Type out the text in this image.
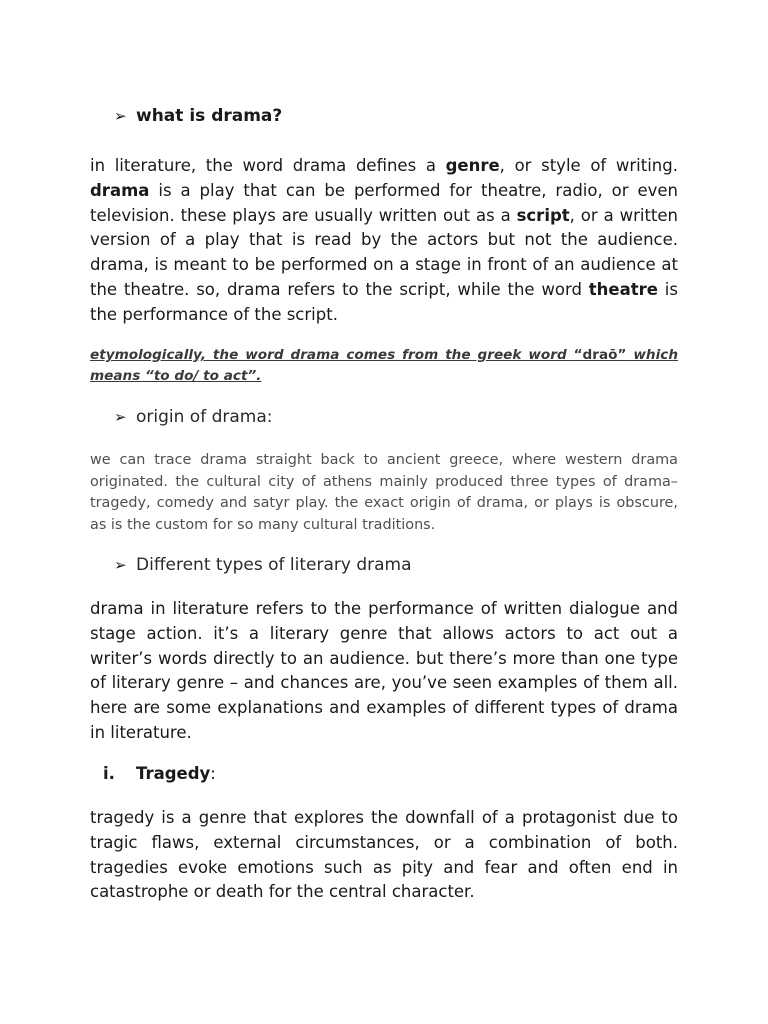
➢ what is drama?
in literature, the word drama defines a genre, or style of writing. drama is a play that can be performed for theatre, radio, or even television. these plays are usually written out as a script, or a written version of a play that is read by the actors but not the audience. drama, is meant to be performed on a stage in front of an audience at the theatre. so, drama refers to the script, while the word theatre is the performance of the script.
etymologically, the word drama comes from the greek word “draō” which means “to do/ to act”.
➢ origin of drama:
we can trace drama straight back to ancient greece, where western drama originated. the cultural city of athens mainly produced three types of drama–tragedy, comedy and satyr play. the exact origin of drama, or plays is obscure, as is the custom for so many cultural traditions.
➢ Different types of literary drama
drama in literature refers to the performance of written dialogue and stage action. it’s a literary genre that allows actors to act out a writer’s words directly to an audience. but there’s more than one type of literary genre – and chances are, you’ve seen examples of them all. here are some explanations and examples of different types of drama in literature.
i.	Tragedy :
tragedy is a genre that explores the downfall of a protagonist due to tragic flaws, external circumstances, or a combination of both. tragedies evoke emotions such as pity and fear and often end in catastrophe or death for the central character.
